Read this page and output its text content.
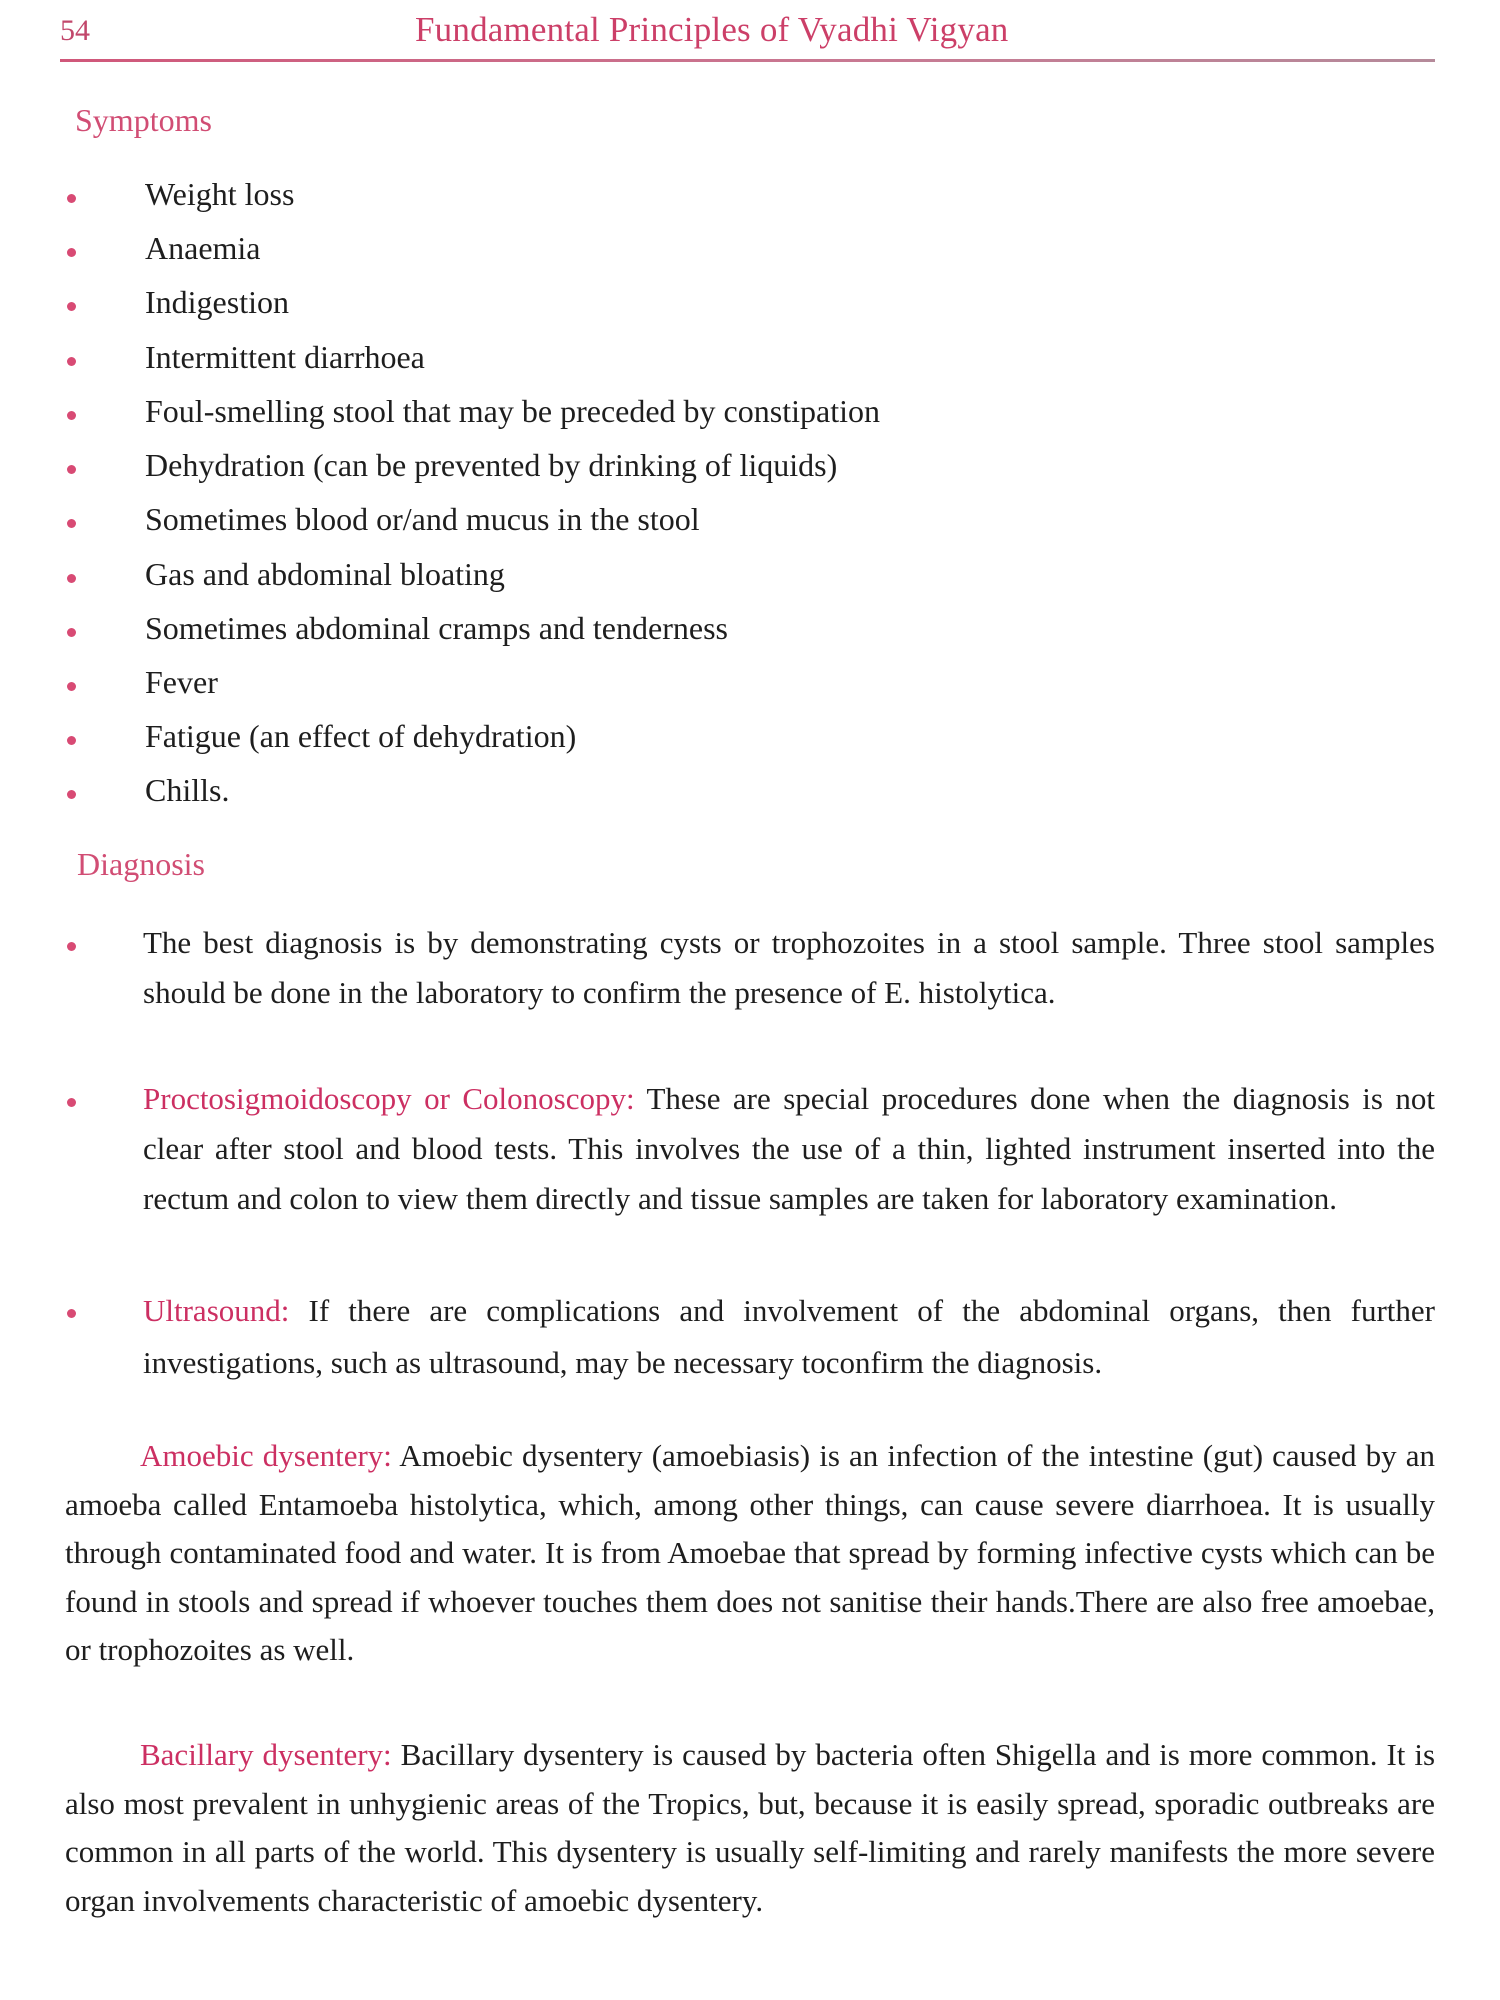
54	Fundamental Principles of Vyadhi Vigyan
Symptoms
Weight loss
Anaemia
Indigestion
Intermittent diarrhoea
Foul-smelling stool that may be preceded by constipation
Dehydration (can be prevented by drinking of liquids)
Sometimes blood or/and mucus in the stool
Gas and abdominal bloating
Sometimes abdominal cramps and tenderness
Fever
Fatigue (an effect of dehydration)
Chills.
Diagnosis
The best diagnosis is by demonstrating cysts or trophozoites in a stool sample. Three stool samples should be done in the laboratory to confirm the presence of E. histolytica.
Proctosigmoidoscopy or Colonoscopy: These are special procedures done when the diagnosis is not clear after stool and blood tests. This involves the use of a thin, lighted instrument inserted into the rectum and colon to view them directly and tissue samples are taken for laboratory examination.
Ultrasound: If there are complications and involvement of the abdominal organs, then further investigations, such as ultrasound, may be necessary toconfirm the diagnosis.

Amoebic dysentery: Amoebic dysentery (amoebiasis) is an infection of the intestine (gut) caused by an amoeba called Entamoeba histolytica, which, among other things, can cause severe diarrhoea. It is usually through contaminated food and water. It is from Amoebae that spread by forming infective cysts which can be found in stools and spread if whoever touches them does not sanitise their hands.There are also free amoebae, or trophozoites as well.

Bacillary dysentery: Bacillary dysentery is caused by bacteria often Shigella and is more common. It is also most prevalent in unhygienic areas of the Tropics, but, because it is easily spread, sporadic outbreaks are common in all parts of the world. This dysentery is usually self-limiting and rarely manifests the more severe organ involvements characteristic of amoebic dysentery.
